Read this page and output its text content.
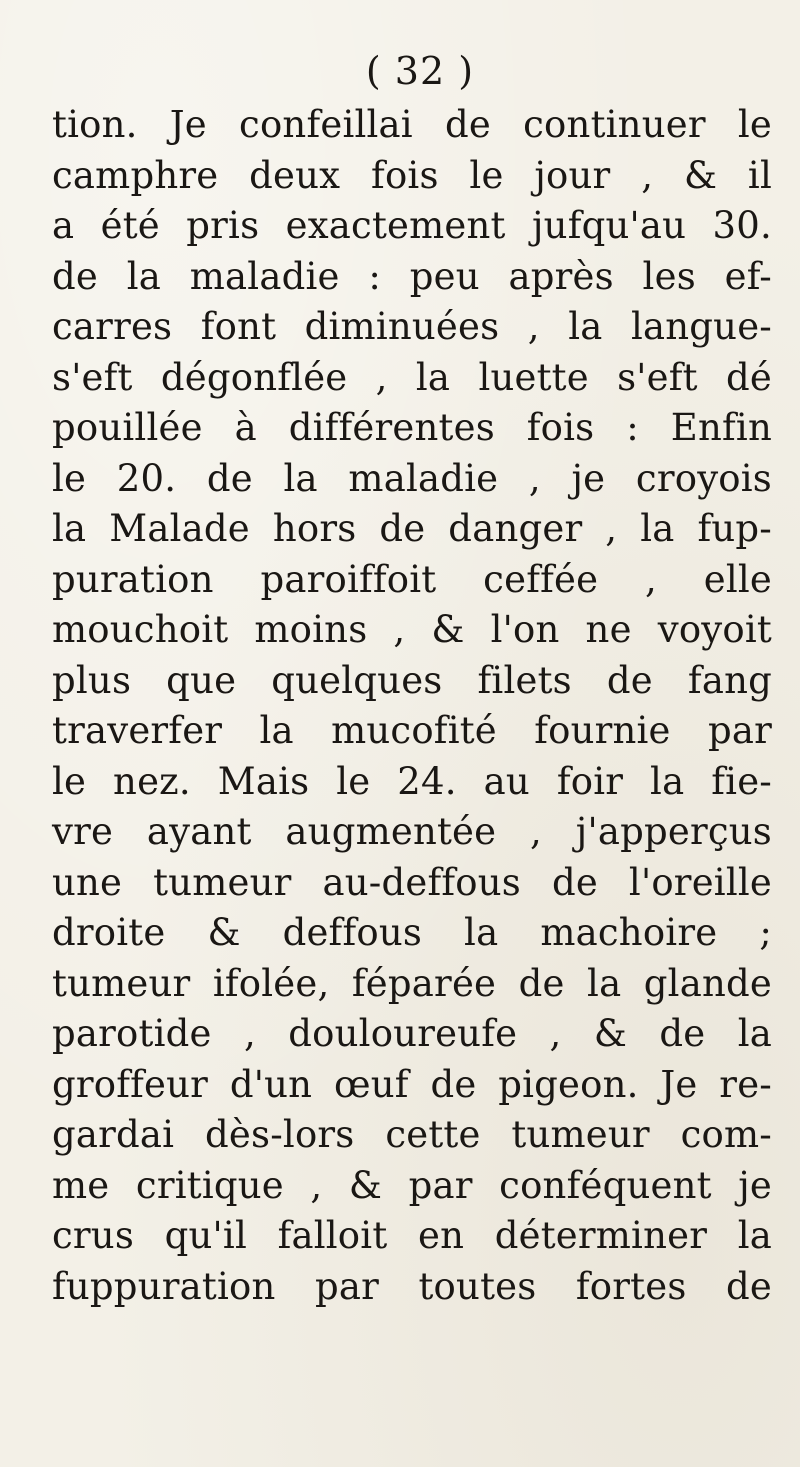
( 32 )
tion. Je confeillai de continuer le
camphre deux fois le jour , & il
a été pris exactement jufqu'au 30.
de la maladie : peu après les ef-
carres font diminuées , la langue-
s'eft dégonflée , la luette s'eft dé
pouillée à différentes fois : Enfin
le 20. de la maladie , je croyois
la Malade hors de danger , la fup-
puration paroiffoit ceffée , elle
mouchoit moins , & l'on ne voyoit
plus que quelques filets de fang
traverfer la mucofité fournie par
le nez. Mais le 24. au foir la fie-
vre ayant augmentée , j'apperçus
une tumeur au-deffous de l'oreille
droite & deffous la machoire ;
tumeur ifolée, féparée de la glande
parotide , douloureufe , & de la
groffeur d'un œuf de pigeon. Je re-
gardai dès-lors cette tumeur com-
me critique , & par conféquent je
crus qu'il falloit en déterminer la
fuppuration par toutes fortes de
